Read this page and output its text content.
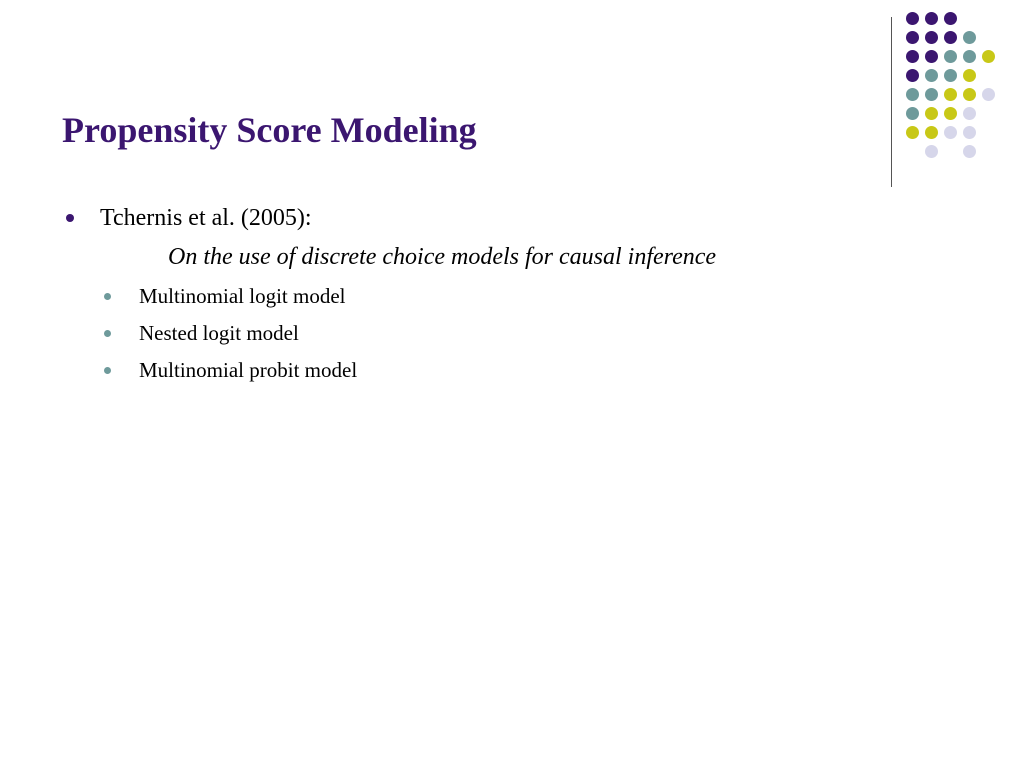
Propensity Score Modeling
Tchernis et al. (2005):
On the use of discrete choice models for causal inference
Multinomial logit model
Nested logit model
Multinomial probit model
